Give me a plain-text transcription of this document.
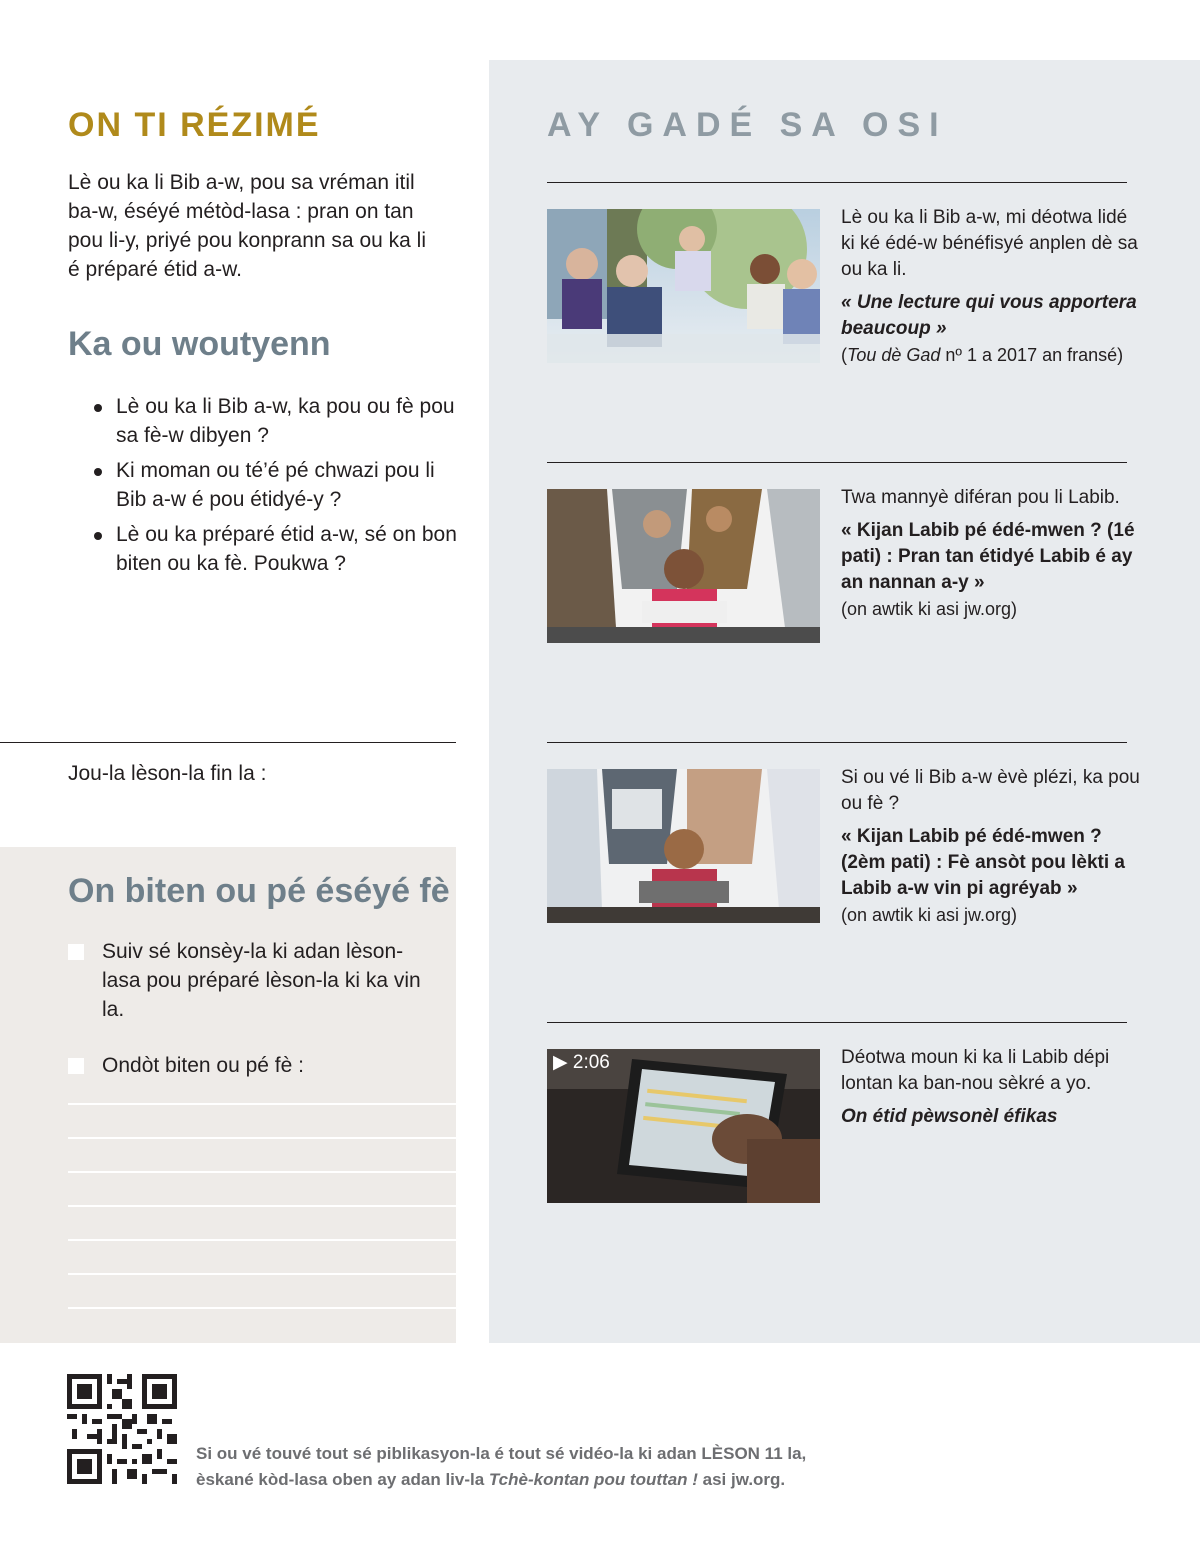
ON TI RÉZIMÉ

Lè ou ka li Bib a-w, pou sa vréman itil ba-w, éséyé métòd-lasa : pran on tan pou li-y, priyé pou konprann sa ou ka li é préparé étid a-w.

Ka ou woutyenn
Lè ou ka li Bib a-w, ka pou ou fè pou sa fè-w dibyen ?
Ki moman ou té’é pé chwazi pou li Bib a-w é pou étidyé-y ?
Lè ou ka préparé étid a-w, sé on bon biten ou ka fè. Poukwa ?
Jou-la lèson-la fin la :
On biten ou pé éséyé fè
Suiv sé konsèy-la ki adan lèson-lasa pou préparé lèson-la ki ka vin la.
Ondòt biten ou pé fè :
AY GADÉ SA OSI
Lè ou ka li Bib a-w, mi déotwa lidé ki ké édé-w bénéfisyé anplen dè sa ou ka li.
« Une lecture qui vous apportera beaucoup »
(Tou dè Gad nº 1 a 2017 an fransé)
Twa mannyè diféran pou li Labib.
« Kijan Labib pé édé-mwen ? (1é pati) : Pran tan étidyé Labib é ay an nannan a-y »
(on awtik ki asi jw.org)
Si ou vé li Bib a-w èvè plézi, ka pou ou fè ?
« Kijan Labib pé édé-mwen ? (2èm pati) : Fè ansòt pou lèkti a Labib a-w vin pi agréyab »
(on awtik ki asi jw.org)
▶ 2:06	Déotwa moun ki ka li Labib dépi lontan ka ban-nou sèkré a yo.
On étid pèwsonèl éfikas
Si ou vé touvé tout sé piblikasyon-la é tout sé vidéo-la ki adan LÈSON 11 la,
èskané kòd-lasa oben ay adan liv-la Tchè-kontan pou touttan ! asi jw.org.
